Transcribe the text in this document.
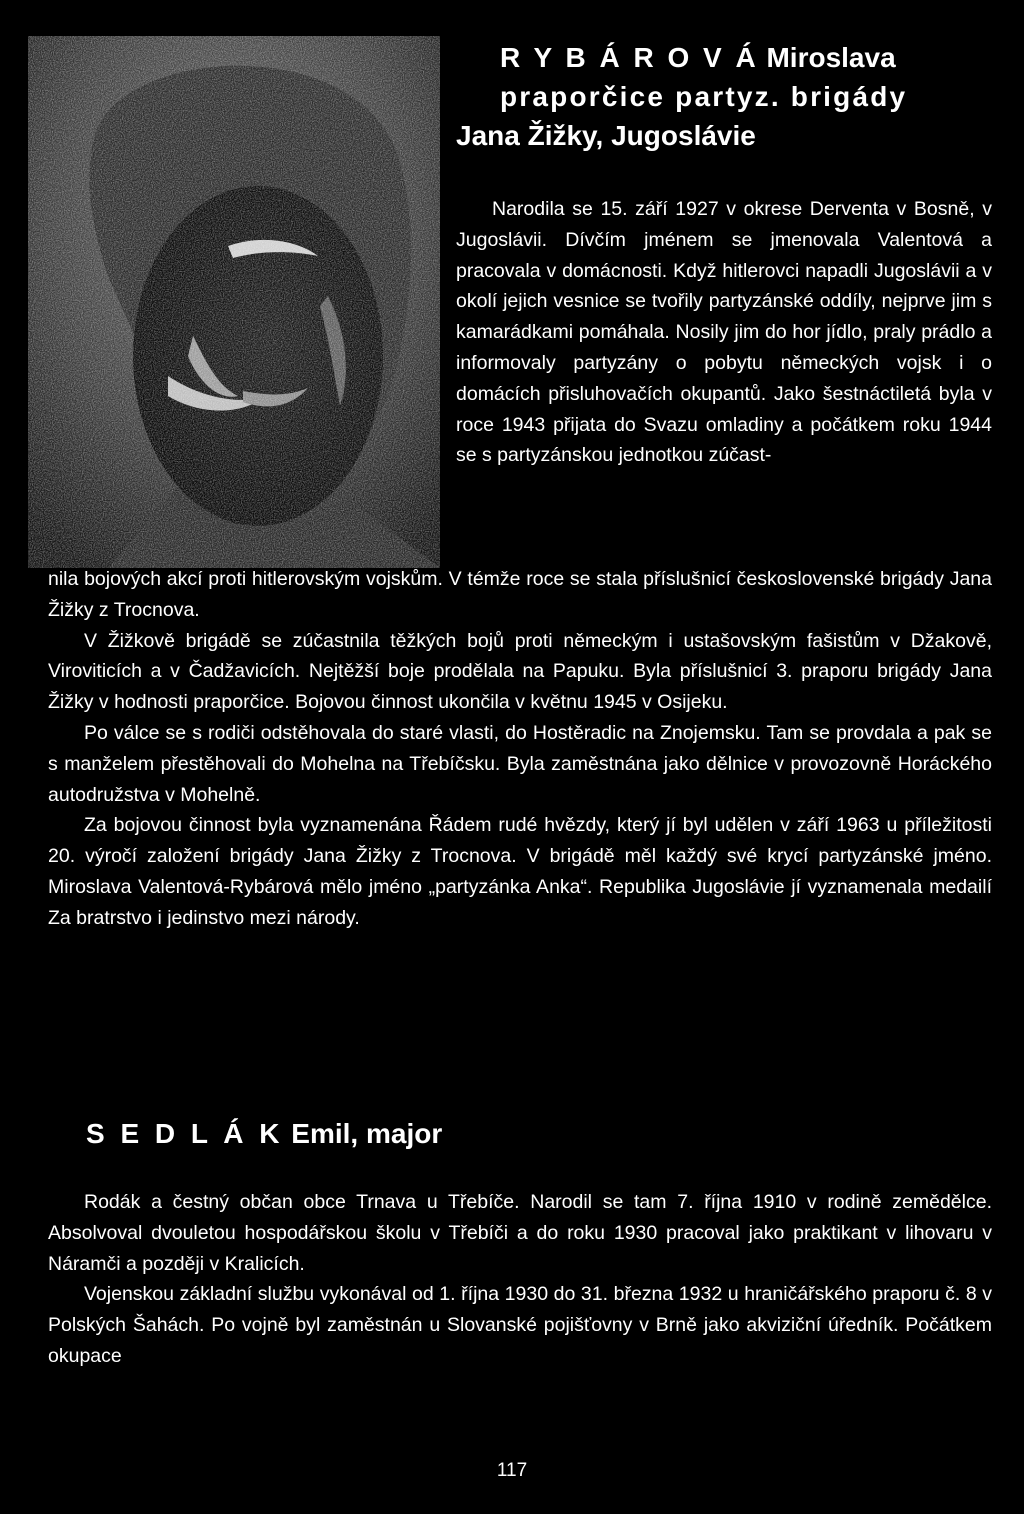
R Y B Á R O V Á Miroslava
praporčice partyz. brigády
Jana Žižky, Jugoslávie

Narodila se 15. září 1927 v okrese Derventa v Bosně, v Jugoslávii. Dívčím jménem se jmenovala Valentová a pracovala v domácnosti. Když hitlerovci napadli Jugoslávii a v okolí jejich vesnice se tvořily partyzánské oddíly, nejprve jim s kamarádkami pomáhala. Nosily jim do hor jídlo, praly prádlo a informovaly partyzány o pobytu německých vojsk i o domácích přisluhovačích okupantů. Jako šestnáctiletá byla v roce 1943 přijata do Svazu omladiny a počátkem roku 1944 se s partyzánskou jednotkou zúčast-

nila bojových akcí proti hitlerovským vojskům. V témže roce se stala příslušnicí československé brigády Jana Žižky z Trocnova.

V Žižkově brigádě se zúčastnila těžkých bojů proti německým i ustašovským fašistům v Džakově, Viroviticích a v Čadžavicích. Nejtěžší boje prodělala na Papuku. Byla příslušnicí 3. praporu brigády Jana Žižky v hodnosti praporčice. Bojovou činnost ukončila v květnu 1945 v Osijeku.

Po válce se s rodiči odstěhovala do staré vlasti, do Hostěradic na Znojemsku. Tam se provdala a pak se s manželem přestěhovali do Mohelna na Třebíčsku. Byla zaměstnána jako dělnice v provozovně Horáckého autodružstva v Mohelně.

Za bojovou činnost byla vyznamenána Řádem rudé hvězdy, který jí byl udělen v září 1963 u příležitosti 20. výročí založení brigády Jana Žižky z Trocnova. V brigádě měl každý své krycí partyzánské jméno. Miroslava Valentová-Rybárová mělo jméno „partyzánka Anka“. Republika Jugoslávie jí vyznamenala medailí Za bratrstvo i jedinstvo mezi národy.

S E D L Á K Emil, major

Rodák a čestný občan obce Trnava u Třebíče. Narodil se tam 7. října 1910 v rodině zemědělce. Absolvoval dvouletou hospodářskou školu v Třebíči a do roku 1930 pracoval jako praktikant v lihovaru v Náramči a později v Kralicích.

Vojenskou základní službu vykonával od 1. října 1930 do 31. března 1932 u hraničářského praporu č. 8 v Polských Šahách. Po vojně byl zaměstnán u Slovanské pojišťovny v Brně jako akviziční úředník. Počátkem okupace

117
